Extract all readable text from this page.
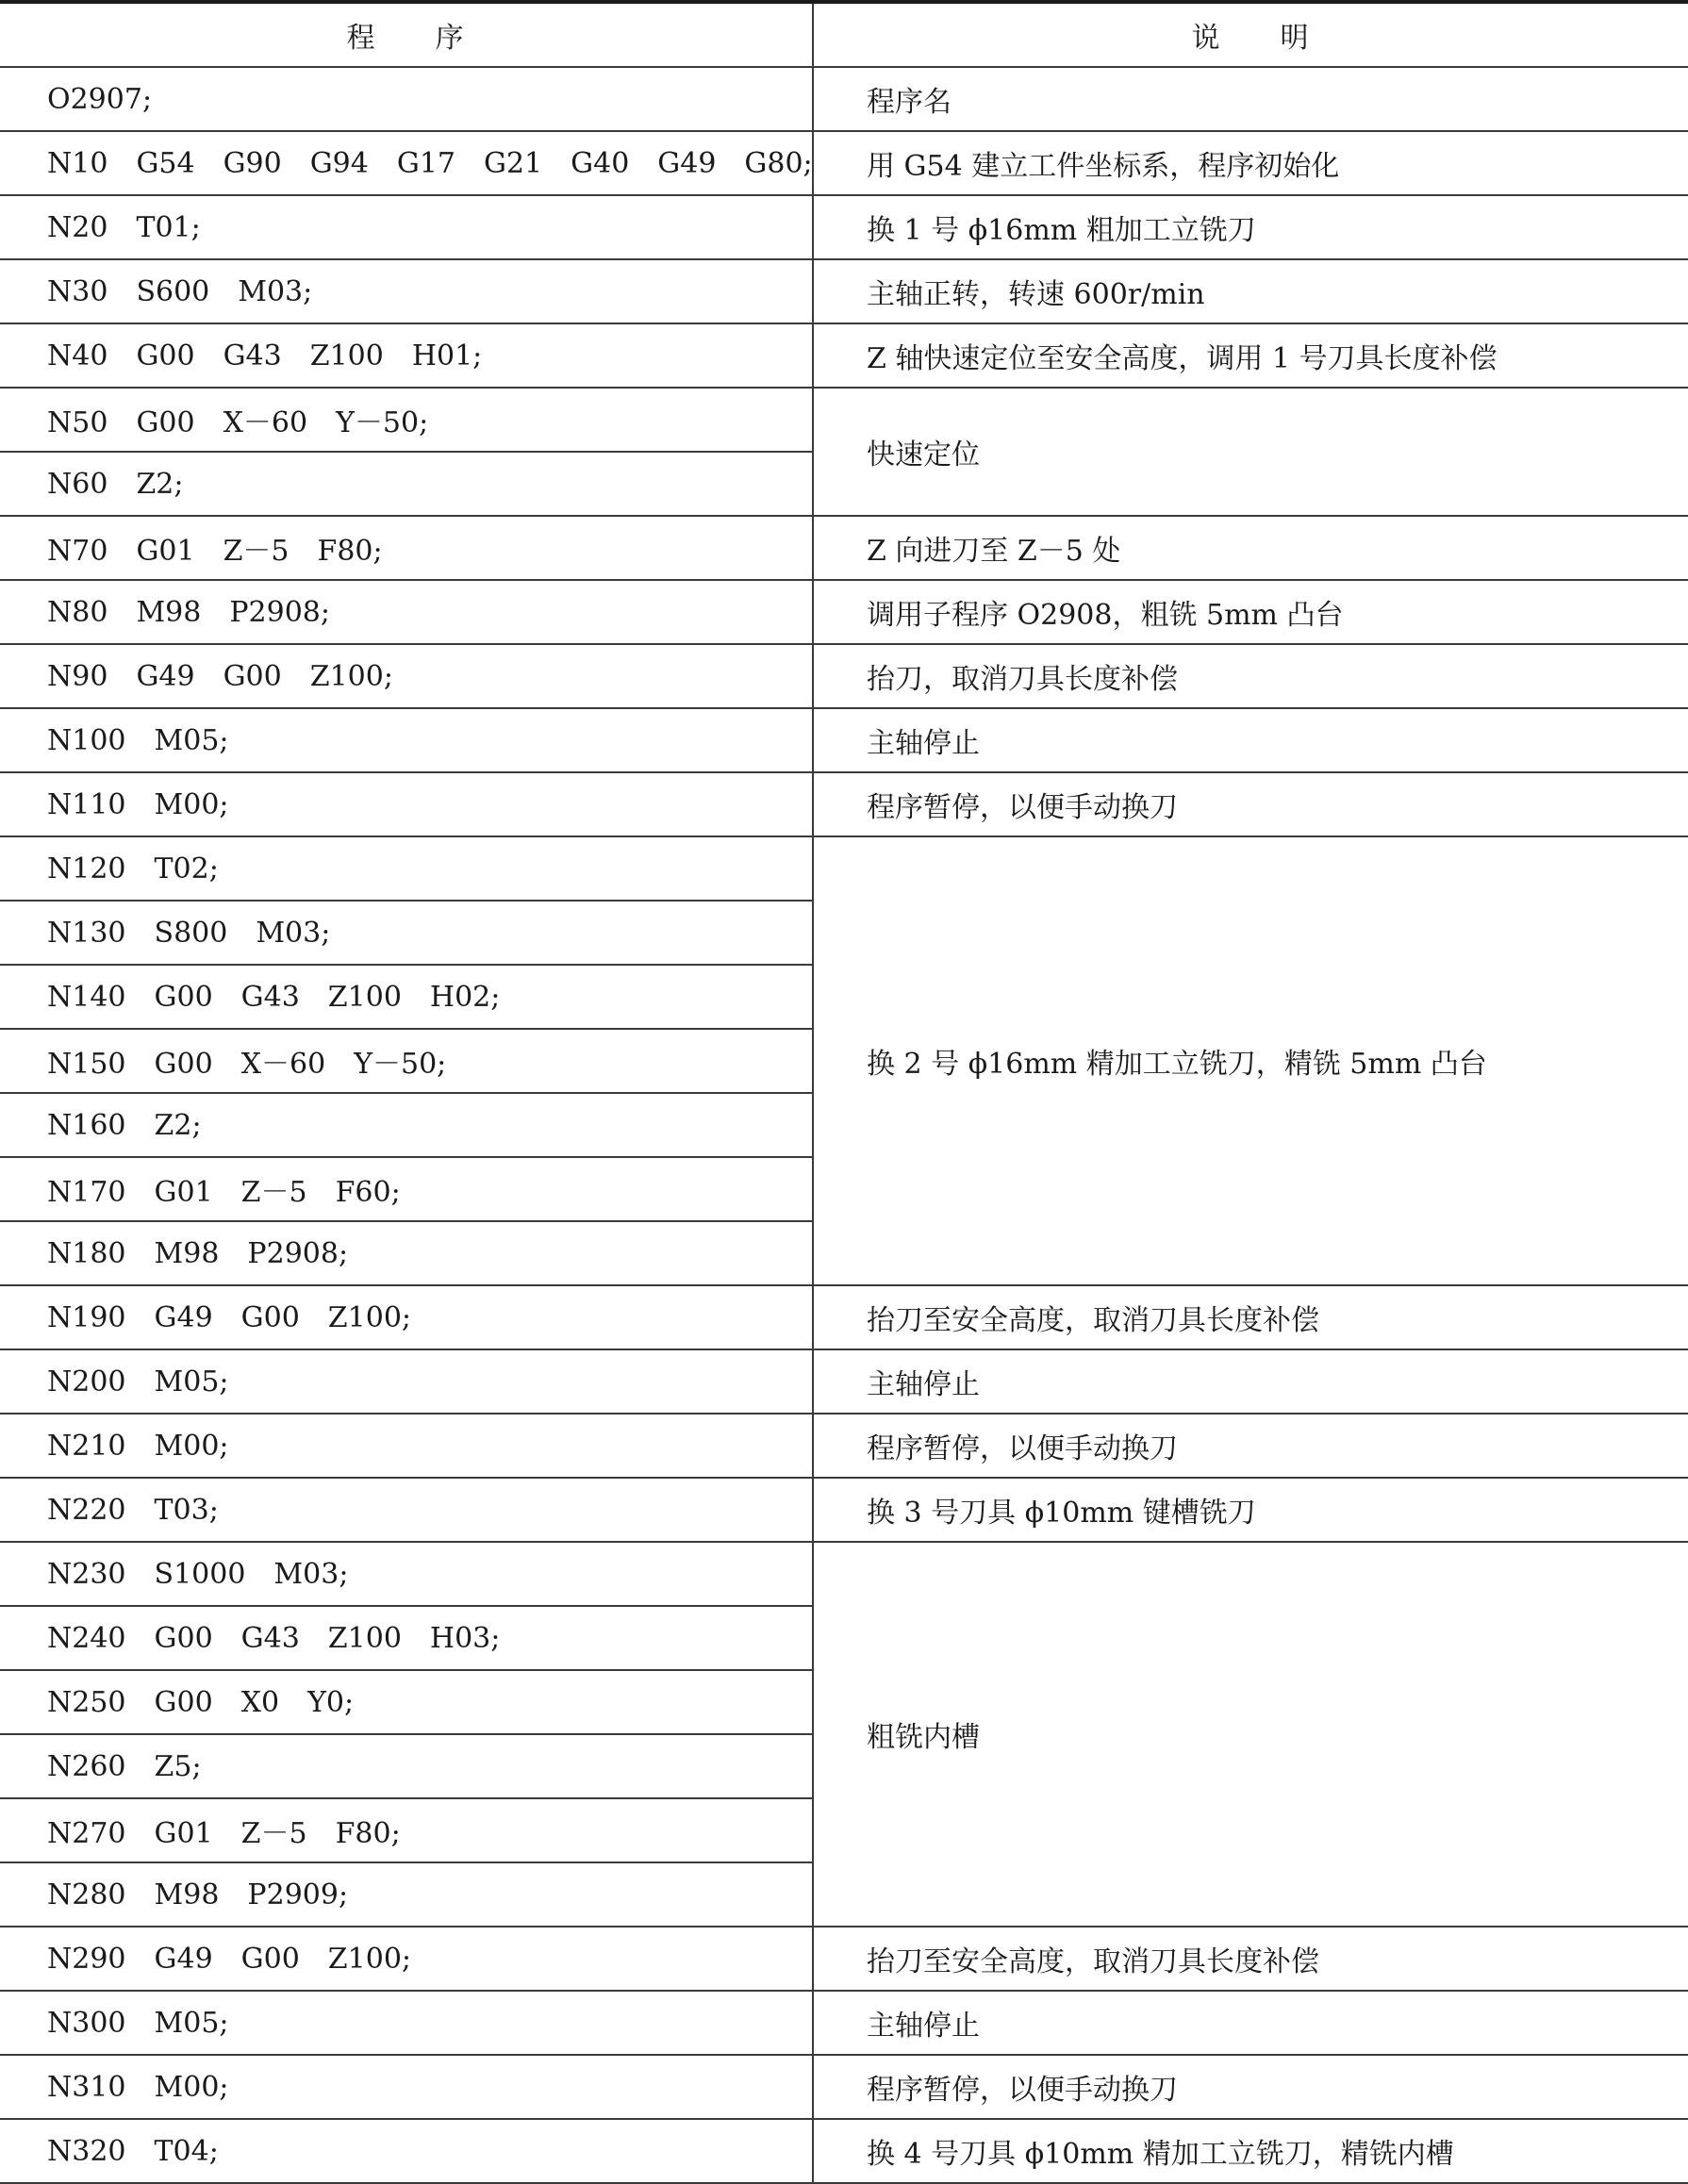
程 序	说 明
O2907;	程序名
N10 G54 G90 G94 G17 G21 G40 G49 G80;	用 G54 建立工件坐标系，程序初始化
N20 T01;	换 1 号 ϕ16mm 粗加工立铣刀
N30 S600 M03;	主轴正转，转速 600r/min
N40 G00 G43 Z100 H01;	Z 轴快速定位至安全高度，调用 1 号刀具长度补偿
N50 G00 X－60 Y－50;	快速定位
N60 Z2;	
N70 G01 Z－5 F80;	Z 向进刀至 Z－5 处
N80 M98 P2908;	调用子程序 O2908，粗铣 5mm 凸台
N90 G49 G00 Z100;	抬刀，取消刀具长度补偿
N100 M05;	主轴停止
N110 M00;	程序暂停，以便手动换刀
N120 T02;	换 2 号 ϕ16mm 精加工立铣刀，精铣 5mm 凸台
N130 S800 M03;	
N140 G00 G43 Z100 H02;	
N150 G00 X－60 Y－50;	
N160 Z2;	
N170 G01 Z－5 F60;	
N180 M98 P2908;	
N190 G49 G00 Z100;	抬刀至安全高度，取消刀具长度补偿
N200 M05;	主轴停止
N210 M00;	程序暂停，以便手动换刀
N220 T03;	换 3 号刀具 ϕ10mm 键槽铣刀
N230 S1000 M03;	粗铣内槽
N240 G00 G43 Z100 H03;	
N250 G00 X0 Y0;	
N260 Z5;	
N270 G01 Z－5 F80;	
N280 M98 P2909;	
N290 G49 G00 Z100;	抬刀至安全高度，取消刀具长度补偿
N300 M05;	主轴停止
N310 M00;	程序暂停，以便手动换刀
N320 T04;	换 4 号刀具 ϕ10mm 精加工立铣刀，精铣内槽
